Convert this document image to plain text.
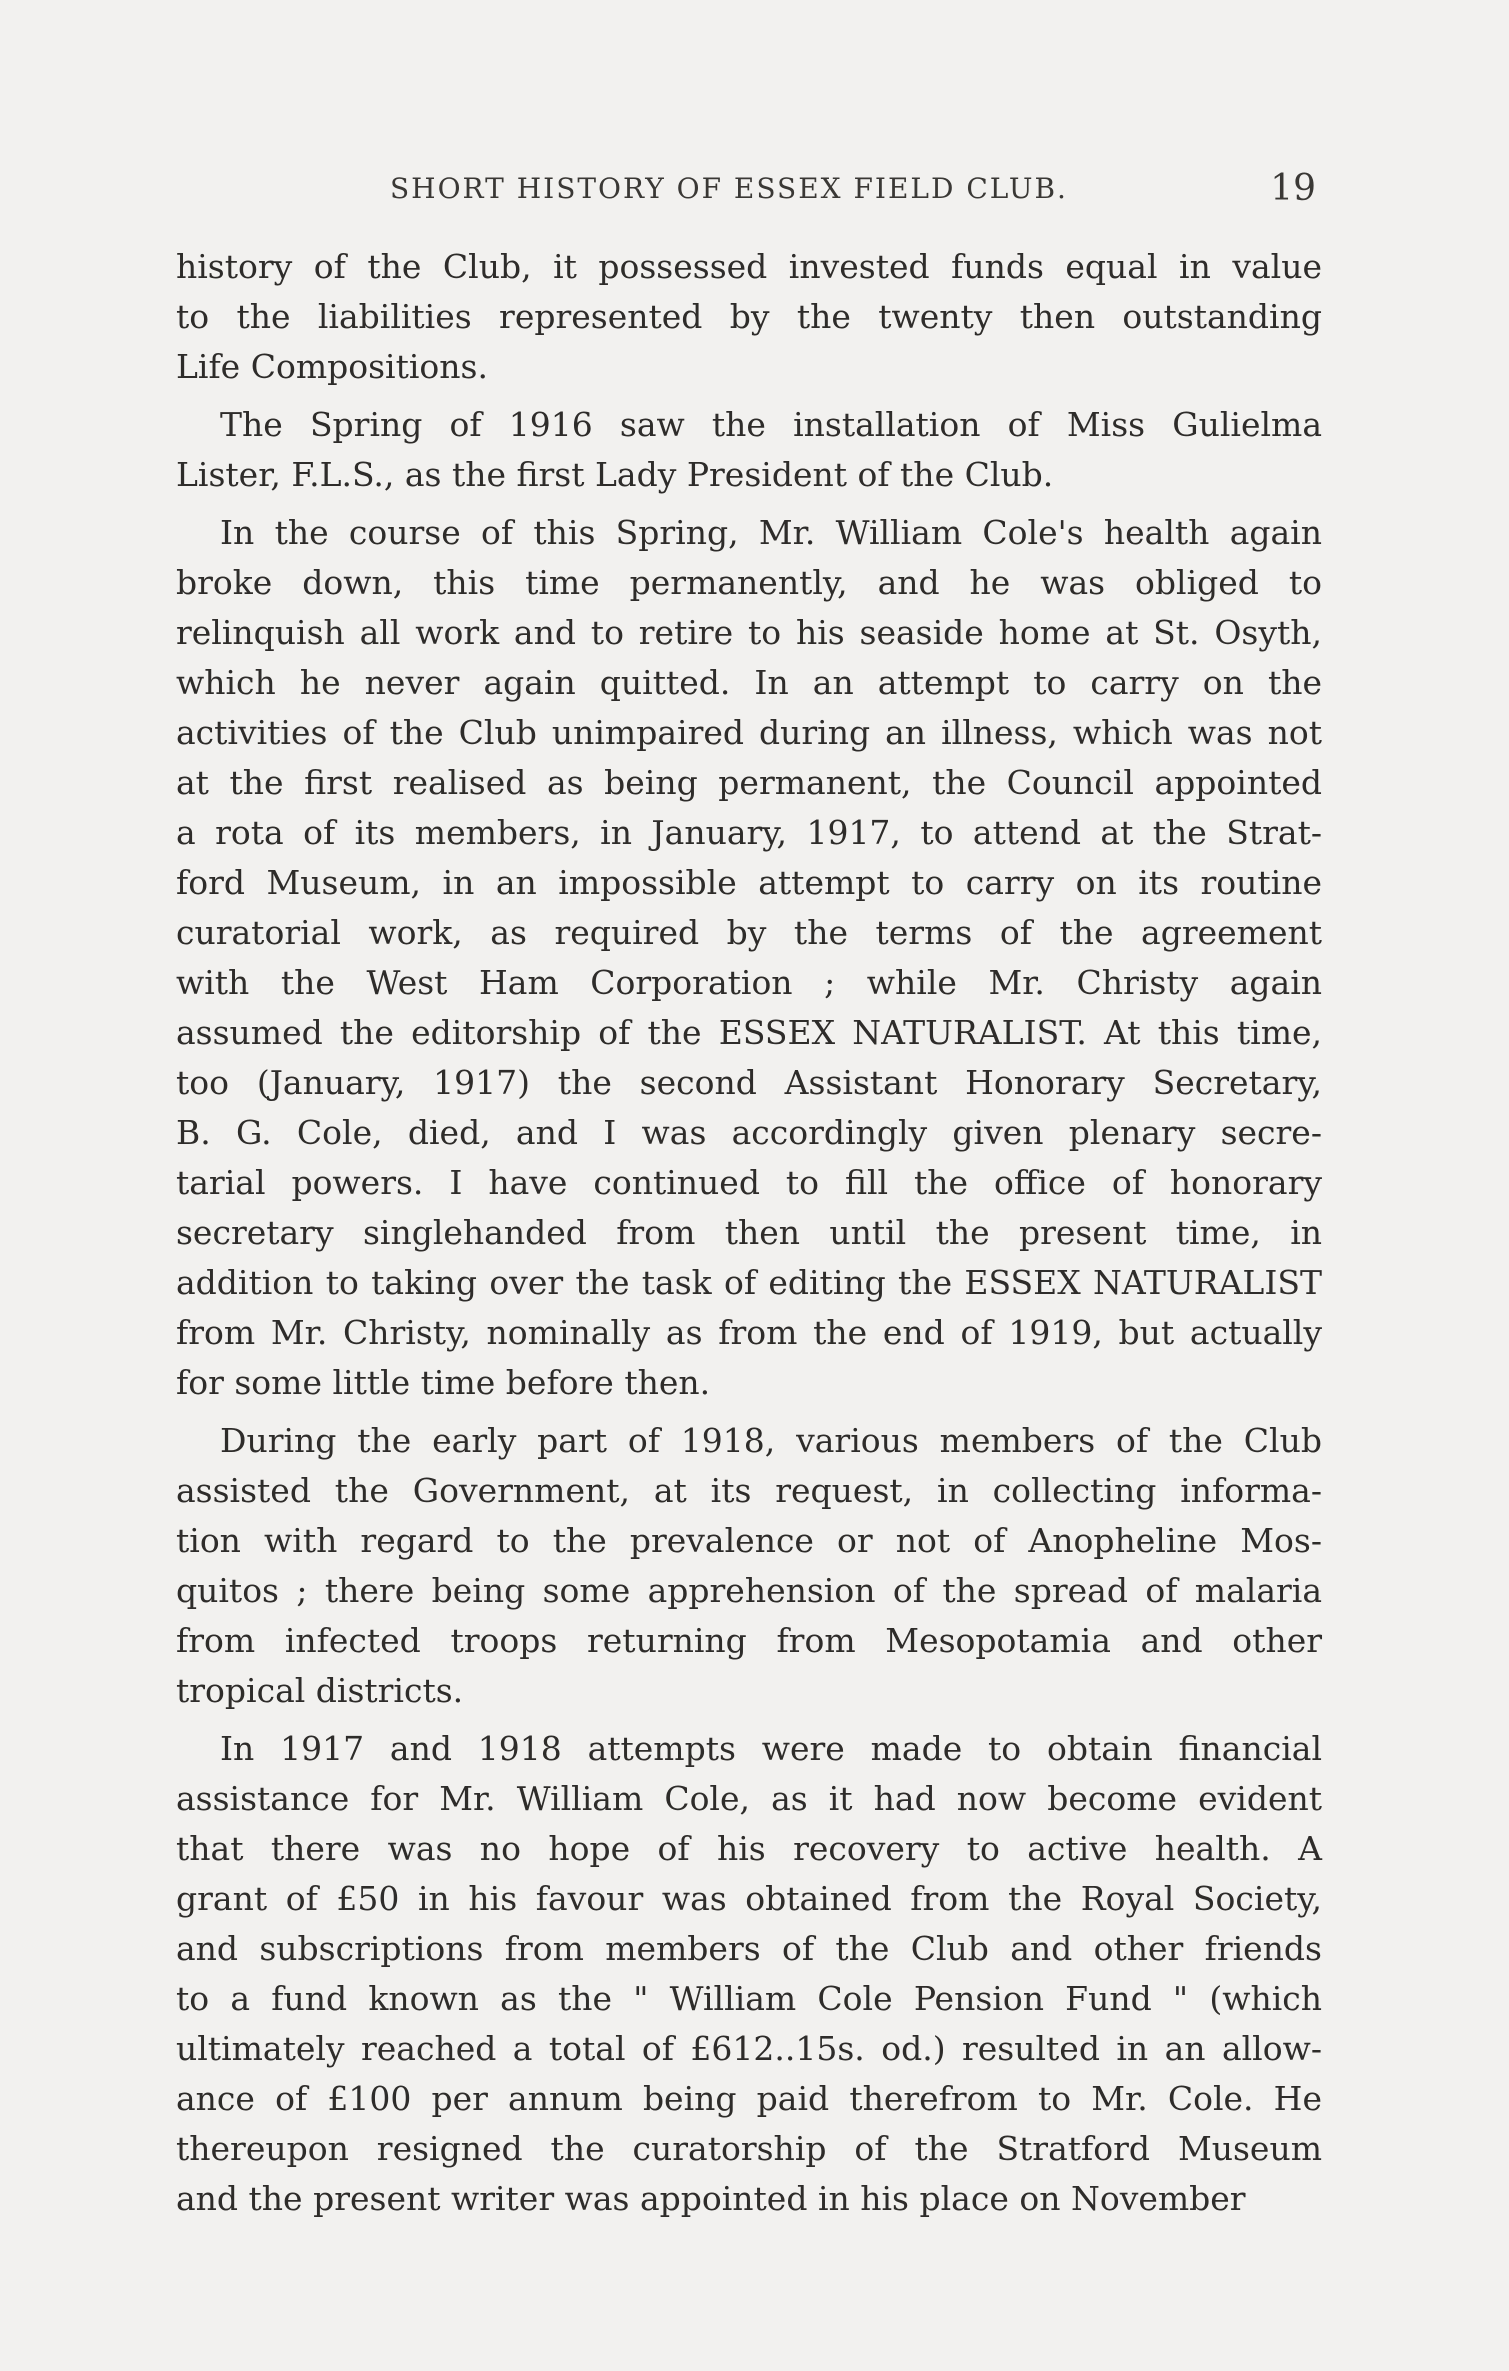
SHORT HISTORY OF ESSEX FIELD CLUB.	19
history of the Club, it possessed invested funds equal in value
to the liabilities represented by the twenty then outstanding
Life Compositions.
The Spring of 1916 saw the installation of Miss Gulielma
Lister, F.L.S., as the first Lady President of the Club.
In the course of this Spring, Mr. William Cole's health again
broke down, this time permanently, and he was obliged to
relinquish all work and to retire to his seaside home at St. Osyth,
which he never again quitted. In an attempt to carry on the
activities of the Club unimpaired during an illness, which was not
at the first realised as being permanent, the Council appointed
a rota of its members, in January, 1917, to attend at the Strat-
ford Museum, in an impossible attempt to carry on its routine
curatorial work, as required by the terms of the agreement
with the West Ham Corporation ; while Mr. Christy again
assumed the editorship of the ESSEX NATURALIST. At this time,
too (January, 1917) the second Assistant Honorary Secretary,
B. G. Cole, died, and I was accordingly given plenary secre-
tarial powers. I have continued to fill the office of honorary
secretary singlehanded from then until the present time, in
addition to taking over the task of editing the ESSEX NATURALIST
from Mr. Christy, nominally as from the end of 1919, but actually
for some little time before then.
During the early part of 1918, various members of the Club
assisted the Government, at its request, in collecting informa-
tion with regard to the prevalence or not of Anopheline Mos-
quitos ; there being some apprehension of the spread of malaria
from infected troops returning from Mesopotamia and other
tropical districts.
In 1917 and 1918 attempts were made to obtain financial
assistance for Mr. William Cole, as it had now become evident
that there was no hope of his recovery to active health. A
grant of £50 in his favour was obtained from the Royal Society,
and subscriptions from members of the Club and other friends
to a fund known as the " William Cole Pension Fund " (which
ultimately reached a total of £612..15s. od.) resulted in an allow-
ance of £100 per annum being paid therefrom to Mr. Cole. He
thereupon resigned the curatorship of the Stratford Museum
and the present writer was appointed in his place on November
